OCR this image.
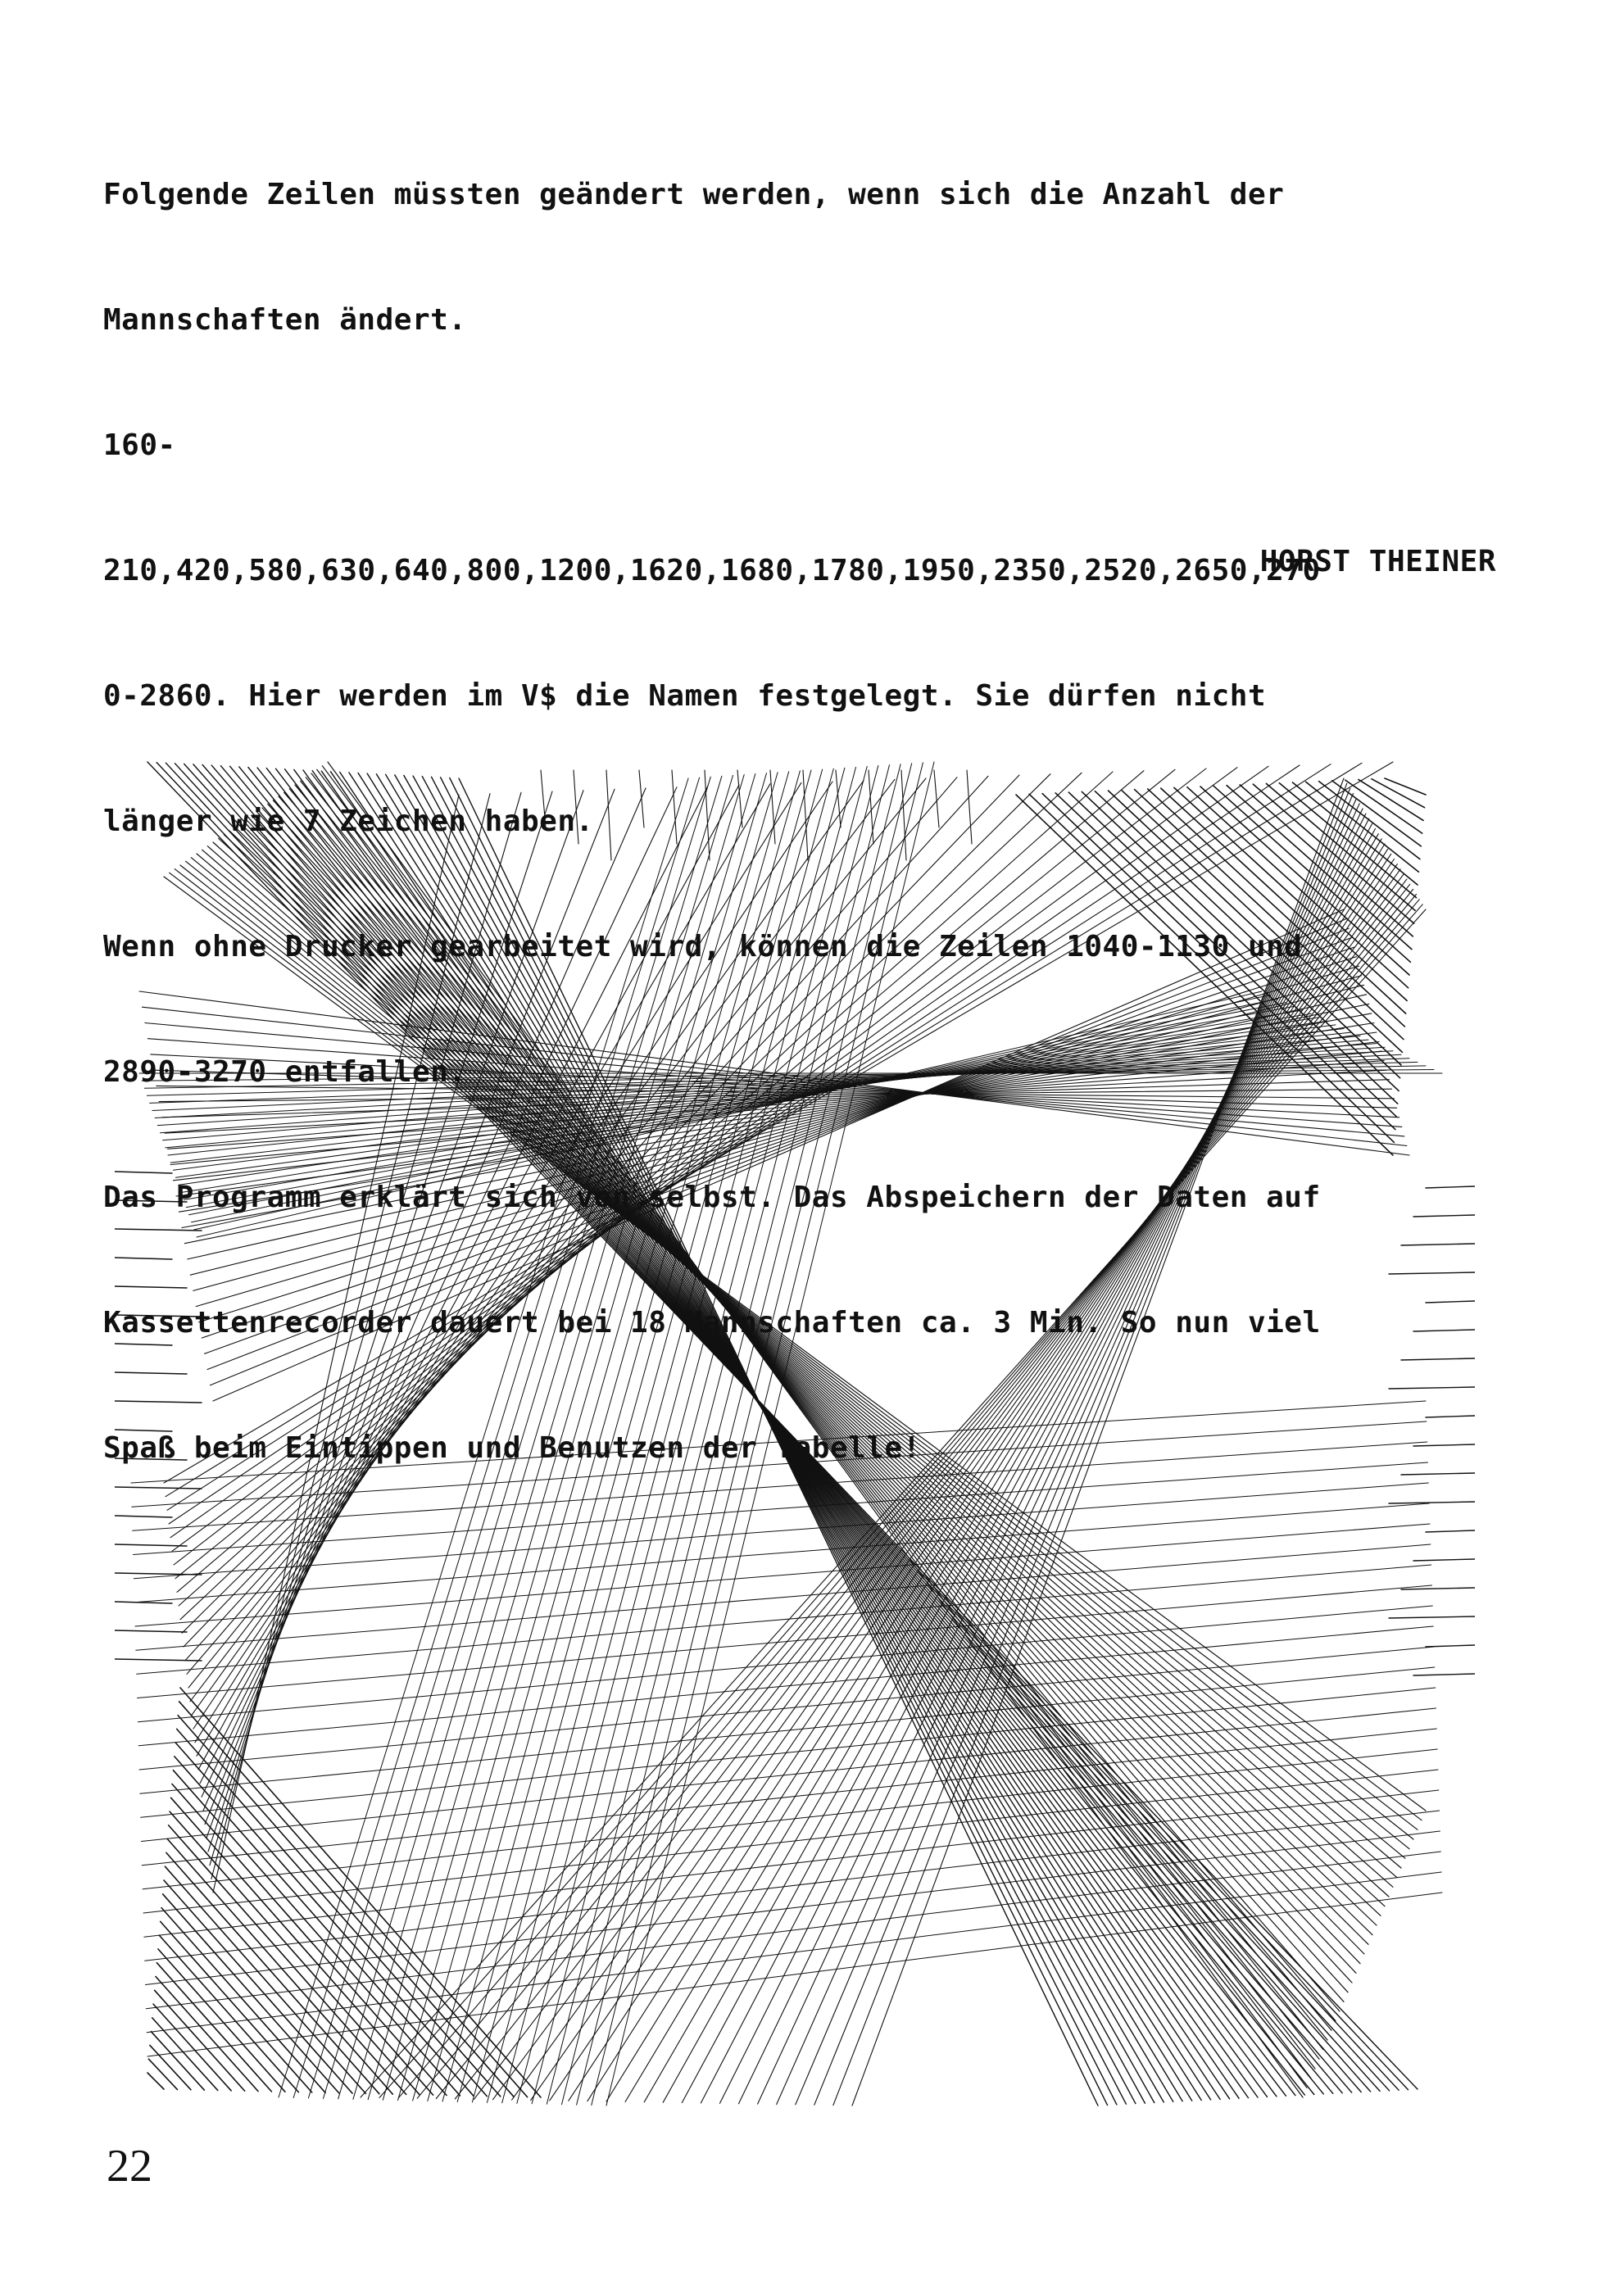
Folgende Zeilen müssten geändert werden, wenn sich die Anzahl der

Mannschaften ändert.

160-

210,420,580,630,640,800,1200,1620,1680,1780,1950,2350,2520,2650,270

0-2860. Hier werden im V$ die Namen festgelegt. Sie dürfen nicht

länger wie 7 Zeichen haben.

Wenn ohne Drucker gearbeitet wird, können die Zeilen 1040-1130 und

2890-3270 entfallen.

Das Programm erklärt sich von selbst. Das Abspeichern der Daten auf

Kassettenrecorder dauert bei 18 Mannschaften ca. 3 Min. So nun viel

Spaß beim Eintippen und Benutzen der Tabelle!

HORST THEINER
22
